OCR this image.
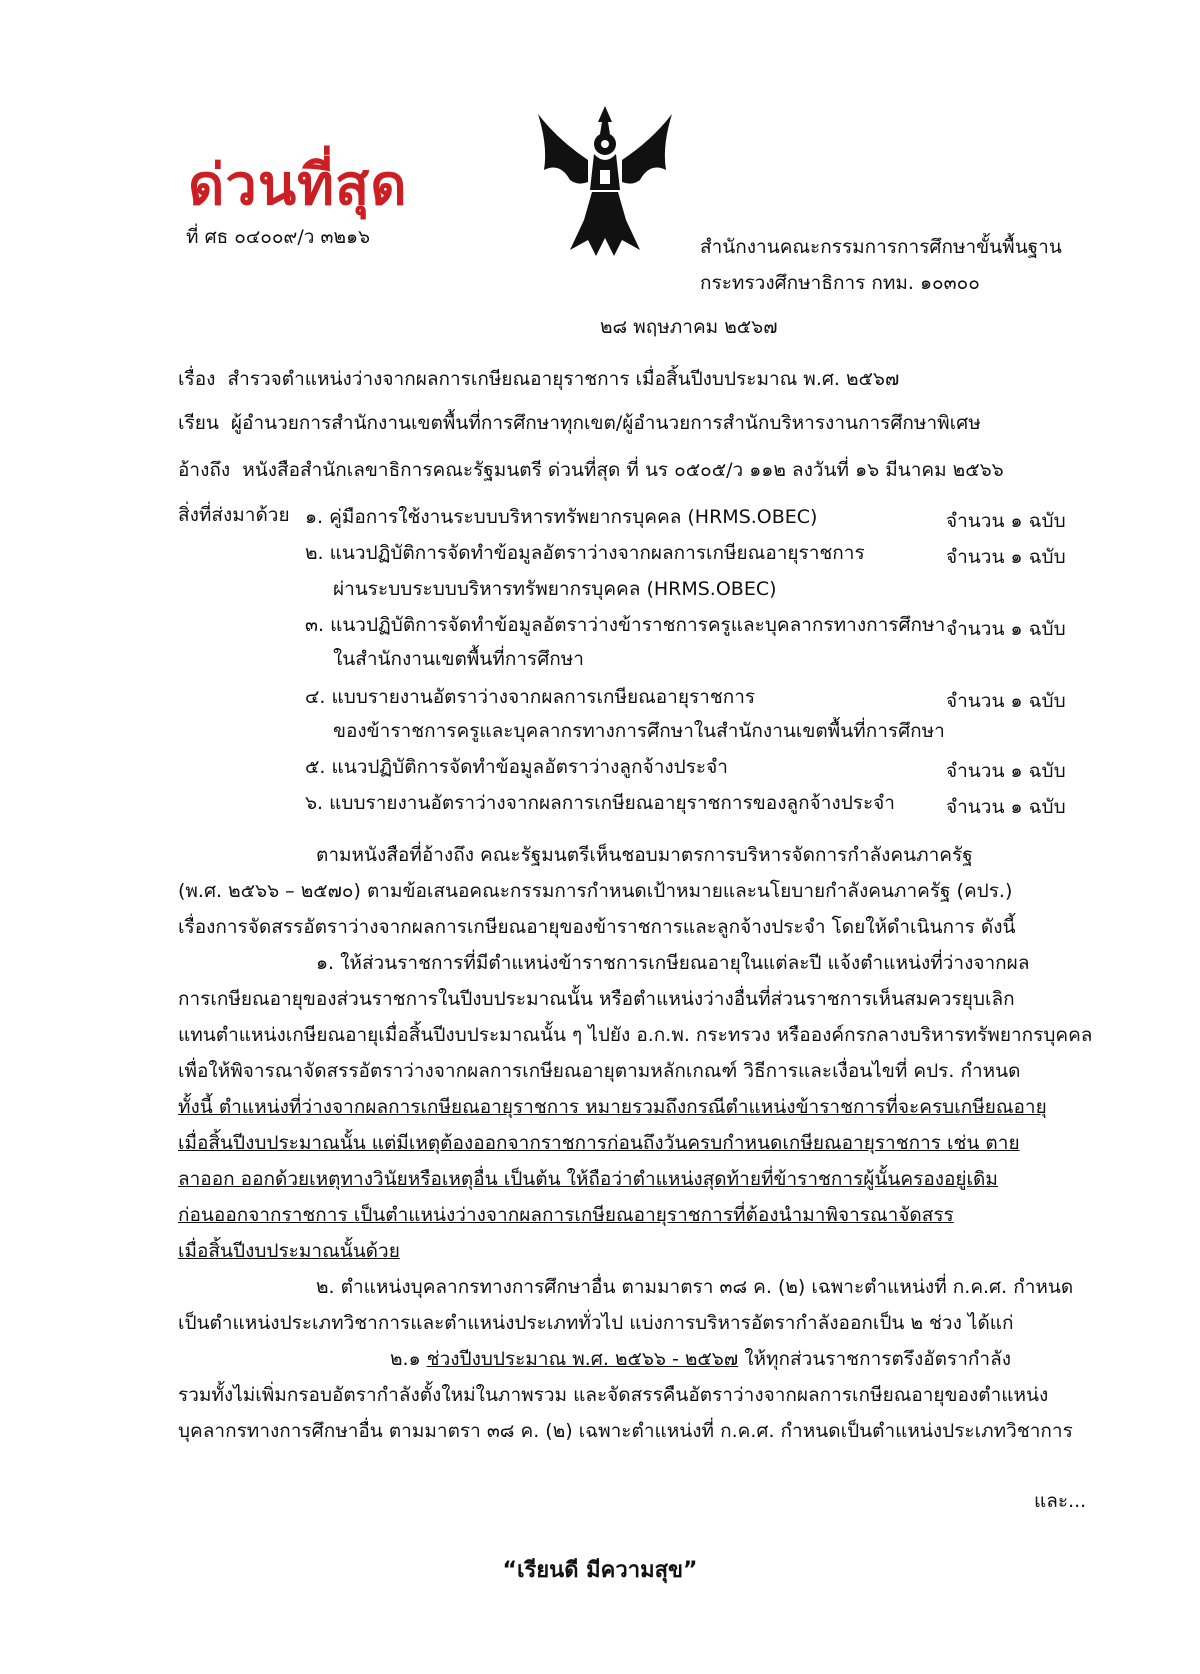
ด่วนที่สุด
ที่ ศธ ๐๔๐๐๙/ว ๓๒๑๖	สำนักงานคณะกรรมการการศึกษาขั้นพื้นฐาน
กระทรวงศึกษาธิการ กทม. ๑๐๓๐๐
๒๘ พฤษภาคม ๒๕๖๗
เรื่อง สำรวจตำแหน่งว่างจากผลการเกษียณอายุราชการ เมื่อสิ้นปีงบประมาณ พ.ศ. ๒๕๖๗
เรียน ผู้อำนวยการสำนักงานเขตพื้นที่การศึกษาทุกเขต/ผู้อำนวยการสำนักบริหารงานการศึกษาพิเศษ
อ้างถึง หนังสือสำนักเลขาธิการคณะรัฐมนตรี ด่วนที่สุด ที่ นร ๐๕๐๕/ว ๑๑๒ ลงวันที่ ๑๖ มีนาคม ๒๕๖๖
สิ่งที่ส่งมาด้วย ๑. คู่มือการใช้งานระบบบริหารทรัพยากรบุคคล (HRMS.OBEC)	จำนวน ๑ ฉบับ
๒. แนวปฏิบัติการจัดทำข้อมูลอัตราว่างจากผลการเกษียณอายุราชการ	จำนวน ๑ ฉบับ
ผ่านระบบระบบบริหารทรัพยากรบุคคล (HRMS.OBEC)
๓. แนวปฏิบัติการจัดทำข้อมูลอัตราว่างข้าราชการครูและบุคลากรทางการศึกษา จำนวน ๑ ฉบับ
ในสำนักงานเขตพื้นที่การศึกษา
๔. แบบรายงานอัตราว่างจากผลการเกษียณอายุราชการ	จำนวน ๑ ฉบับ
ของข้าราชการครูและบุคลากรทางการศึกษาในสำนักงานเขตพื้นที่การศึกษา
๕. แนวปฏิบัติการจัดทำข้อมูลอัตราว่างลูกจ้างประจำ	จำนวน ๑ ฉบับ
๖. แบบรายงานอัตราว่างจากผลการเกษียณอายุราชการของลูกจ้างประจำ	จำนวน ๑ ฉบับ
ตามหนังสือที่อ้างถึง คณะรัฐมนตรีเห็นชอบมาตรการบริหารจัดการกำลังคนภาครัฐ
(พ.ศ. ๒๕๖๖ – ๒๕๗๐) ตามข้อเสนอคณะกรรมการกำหนดเป้าหมายและนโยบายกำลังคนภาครัฐ (คปร.)
เรื่องการจัดสรรอัตราว่างจากผลการเกษียณอายุของข้าราชการและลูกจ้างประจำ โดยให้ดำเนินการ ดังนี้
๑. ให้ส่วนราชการที่มีตำแหน่งข้าราชการเกษียณอายุในแต่ละปี แจ้งตำแหน่งที่ว่างจากผล
การเกษียณอายุของส่วนราชการในปีงบประมาณนั้น หรือตำแหน่งว่างอื่นที่ส่วนราชการเห็นสมควรยุบเลิก
แทนตำแหน่งเกษียณอายุเมื่อสิ้นปีงบประมาณนั้น ๆ ไปยัง อ.ก.พ. กระทรวง หรือองค์กรกลางบริหารทรัพยากรบุคคล
เพื่อให้พิจารณาจัดสรรอัตราว่างจากผลการเกษียณอายุตามหลักเกณฑ์ วิธีการและเงื่อนไขที่ คปร. กำหนด
ทั้งนี้ ตำแหน่งที่ว่างจากผลการเกษียณอายุราชการ หมายรวมถึงกรณีตำแหน่งข้าราชการที่จะครบเกษียณอายุ
เมื่อสิ้นปีงบประมาณนั้น แต่มีเหตุต้องออกจากราชการก่อนถึงวันครบกำหนดเกษียณอายุราชการ เช่น ตาย
ลาออก ออกด้วยเหตุทางวินัยหรือเหตุอื่น เป็นต้น ให้ถือว่าตำแหน่งสุดท้ายที่ข้าราชการผู้นั้นครองอยู่เดิม
ก่อนออกจากราชการ เป็นตำแหน่งว่างจากผลการเกษียณอายุราชการที่ต้องนำมาพิจารณาจัดสรร
เมื่อสิ้นปีงบประมาณนั้นด้วย
๒. ตำแหน่งบุคลากรทางการศึกษาอื่น ตามมาตรา ๓๘ ค. (๒) เฉพาะตำแหน่งที่ ก.ค.ศ. กำหนด
เป็นตำแหน่งประเภทวิชาการและตำแหน่งประเภททั่วไป แบ่งการบริหารอัตรากำลังออกเป็น ๒ ช่วง ได้แก่
๒.๑ ช่วงปีงบประมาณ พ.ศ. ๒๕๖๖ - ๒๕๖๗ ให้ทุกส่วนราชการตรึงอัตรากำลัง
รวมทั้งไม่เพิ่มกรอบอัตรากำลังตั้งใหม่ในภาพรวม และจัดสรรคืนอัตราว่างจากผลการเกษียณอายุของตำแหน่ง
บุคลากรทางการศึกษาอื่น ตามมาตรา ๓๘ ค. (๒) เฉพาะตำแหน่งที่ ก.ค.ศ. กำหนดเป็นตำแหน่งประเภทวิชาการ
และ...
“เรียนดี มีความสุข”
